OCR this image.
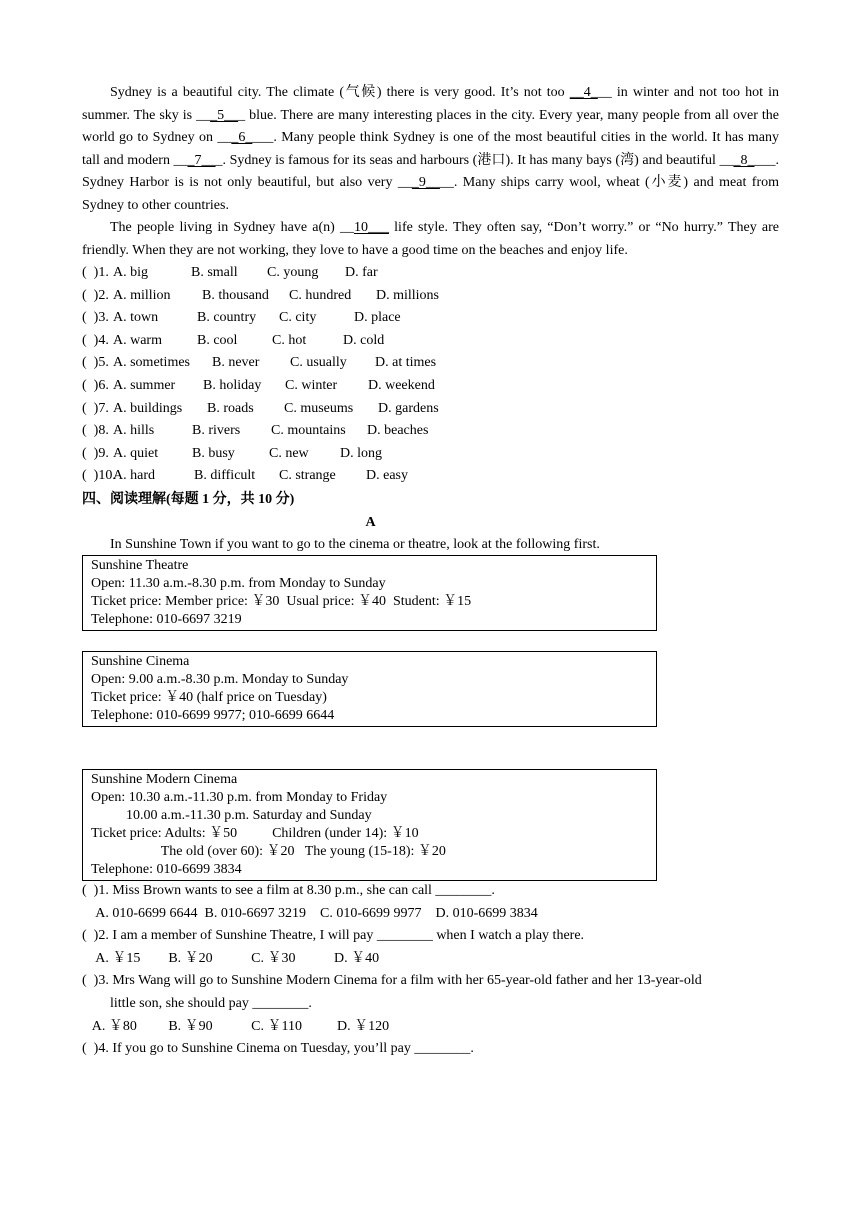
Sydney is a beautiful city. The climate (气候) there is very good. It’s not too __4___ in winter and not too hot in summer. The sky is ___5___ blue. There are many interesting places in the city. Every year, many people from all over the world go to Sydney on ___6____. Many people think Sydney is one of the most beautiful cities in the world. It has many tall and modern ___7___. Sydney is famous for its seas and harbours (港口). It has many bays (湾) and beautiful ___8____. Sydney Harbor is is not only beautiful, but also very ___9____. Many ships carry wool, wheat (小麦) and meat from Sydney to other countries.

The people living in Sydney have a(n) __10___ life style. They often say, “Don’t worry.” or “No hurry.” They are friendly. When they are not working, they love to have a good time on the beaches and enjoy life.

(  )1. A. big	B. small C. young D. far

(  )2. A. million B. thousand C. hundred D. millions

(  )3. A. town	B. country C. city	D. place

(  )4. A. warm	B. cool C. hot	D. cold

(  )5. A. sometimes B. never C. usually D. at times

(  )6. A. summer B. holiday C. winter D. weekend

(  )7. A. buildings B. roads C. museums D. gardens

(  )8. A. hills	B. rivers C. mountains D. beaches

(  )9. A. quiet B. busy C. new D. long

(  )10.A. hard	B. difficult C. strange D. easy

四、阅读理解(每题 1 分，共 10 分)

A

In Sunshine Town if you want to go to the cinema or theatre, look at the following first.

Sunshine Theatre
Open: 11.30 a.m.-8.30 p.m. from Monday to Sunday
Ticket price: Member price: ￥30  Usual price: ￥40  Student: ￥15
Telephone: 010-6697 3219
Sunshine Cinema
Open: 9.00 a.m.-8.30 p.m. Monday to Sunday
Ticket price: ￥40 (half price on Tuesday)
Telephone: 010-6699 9977; 010-6699 6644
Sunshine Modern Cinema
Open: 10.30 a.m.-11.30 p.m. from Monday to Friday
10.00 a.m.-11.30 p.m. Saturday and Sunday
Ticket price: Adults: ￥50          Children (under 14): ￥10
The old (over 60): ￥20   The young (15-18): ￥20
Telephone: 010-6699 3834

(  )1. Miss Brown wants to see a film at 8.30 p.m., she can call ________.

A. 010-6699 6644  B. 010-6697 3219    C. 010-6699 9977    D. 010-6699 3834

(  )2. I am a member of Sunshine Theatre, I will pay ________ when I watch a play there.

A. ￥15        B. ￥20           C. ￥30           D. ￥40

(  )3. Mrs Wang will go to Sunshine Modern Cinema for a film with her 65-year-old father and her 13-year-old

little son, she should pay ________.

A. ￥80         B. ￥90           C. ￥110          D. ￥120

(  )4. If you go to Sunshine Cinema on Tuesday, you’ll pay ________.
